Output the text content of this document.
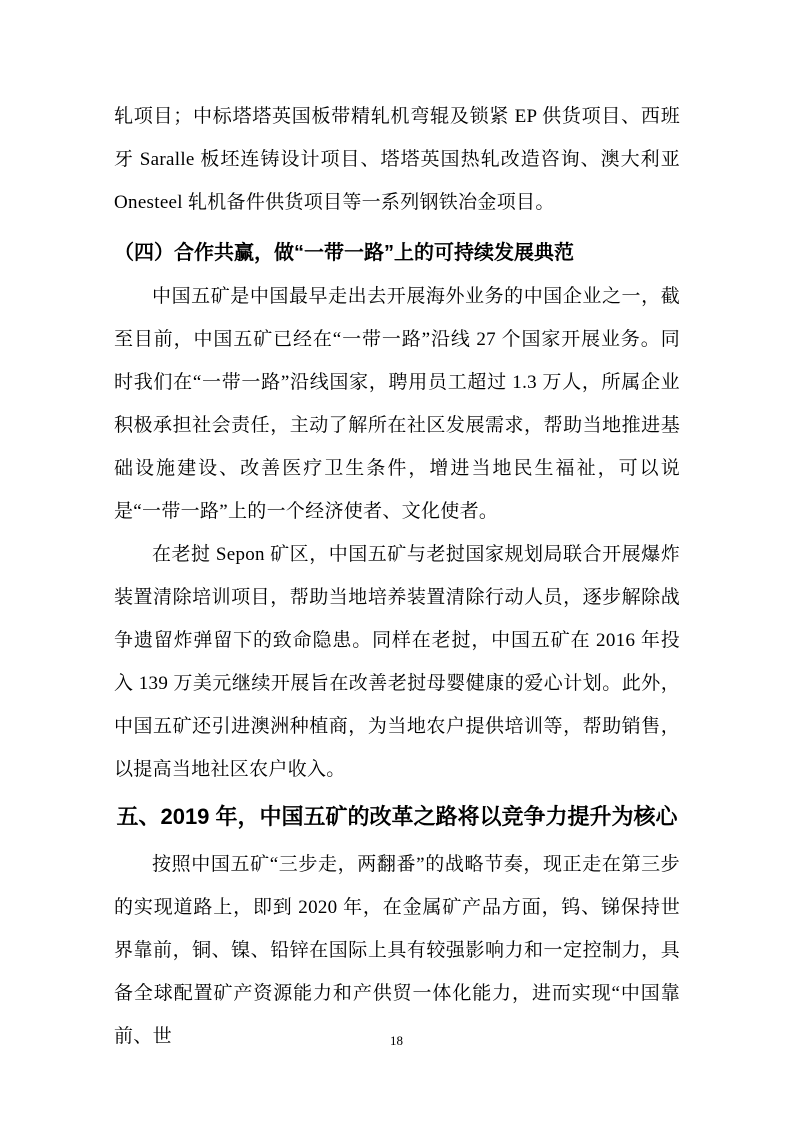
轧项目；中标塔塔英国板带精轧机弯辊及锁紧 EP 供货项目、西班牙 Saralle 板坯连铸设计项目、塔塔英国热轧改造咨询、澳大利亚 Onesteel 轧机备件供货项目等一系列钢铁冶金项目。

（四）合作共赢，做“一带一路”上的可持续发展典范

中国五矿是中国最早走出去开展海外业务的中国企业之一，截至目前，中国五矿已经在“一带一路”沿线 27 个国家开展业务。同时我们在“一带一路”沿线国家，聘用员工超过 1.3 万人，所属企业积极承担社会责任，主动了解所在社区发展需求，帮助当地推进基础设施建设、改善医疗卫生条件，增进当地民生福祉，可以说是“一带一路”上的一个经济使者、文化使者。

在老挝 Sepon 矿区，中国五矿与老挝国家规划局联合开展爆炸装置清除培训项目，帮助当地培养装置清除行动人员，逐步解除战争遗留炸弹留下的致命隐患。同样在老挝，中国五矿在 2016 年投入 139 万美元继续开展旨在改善老挝母婴健康的爱心计划。此外，中国五矿还引进澳洲种植商，为当地农户提供培训等，帮助销售，以提高当地社区农户收入。

五、2019 年，中国五矿的改革之路将以竞争力提升为核心

按照中国五矿“三步走，两翻番”的战略节奏，现正走在第三步的实现道路上，即到 2020 年，在金属矿产品方面，钨、锑保持世界靠前，铜、镍、铅锌在国际上具有较强影响力和一定控制力，具备全球配置矿产资源能力和产供贸一体化能力，进而实现“中国靠前、世	18
